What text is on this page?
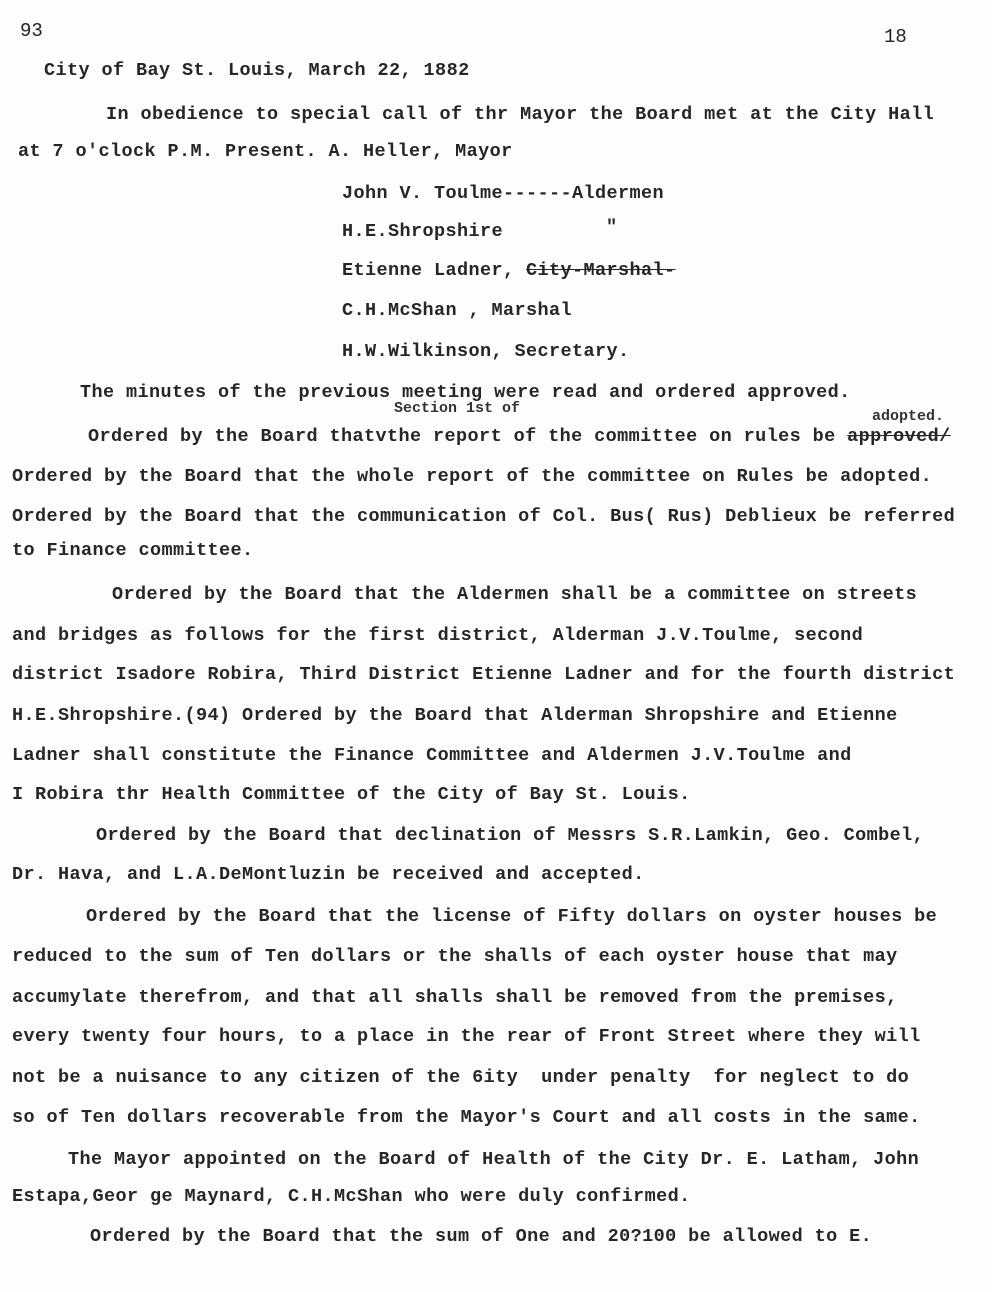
93	18
City of Bay St. Louis, March 22, 1882
In obedience to special call of thr Mayor the Board met at the City Hall
at 7 o'clock P.M. Present. A. Heller, Mayor
John V. Toulme------Aldermen
H.E.Shropshire	"
Etienne Ladner, City-Marshal-
C.H.McShan , Marshal
H.W.Wilkinson, Secretary.
The minutes of the previous meeting were read and ordered approved.
Section 1st of	adopted.
Ordered by the Board thatvthe report of the committee on rules be approved/
Ordered by the Board that the whole report of the committee on Rules be adopted.
Ordered by the Board that the communication of Col. Bus( Rus) Deblieux be referred
to Finance committee.
Ordered by the Board that the Aldermen shall be a committee on streets
and bridges as follows for the first district, Alderman J.V.Toulme, second
district Isadore Robira, Third District Etienne Ladner and for the fourth district
H.E.Shropshire.(94) Ordered by the Board that Alderman Shropshire and Etienne
Ladner shall constitute the Finance Committee and Aldermen J.V.Toulme and
I Robira thr Health Committee of the City of Bay St. Louis.
Ordered by the Board that declination of Messrs S.R.Lamkin, Geo. Combel,
Dr. Hava, and L.A.DeMontluzin be received and accepted.
Ordered by the Board that the license of Fifty dollars on oyster houses be
reduced to the sum of Ten dollars or the shalls of each oyster house that may
accumylate therefrom, and that all shalls shall be removed from the premises,
every twenty four hours, to a place in the rear of Front Street where they will
not be a nuisance to any citizen of the 6ity  under penalty  for neglect to do
so of Ten dollars recoverable from the Mayor's Court and all costs in the same.
The Mayor appointed on the Board of Health of the City Dr. E. Latham, John
Estapa,Geor ge Maynard, C.H.McShan who were duly confirmed.
Ordered by the Board that the sum of One and 20?100 be allowed to E.
